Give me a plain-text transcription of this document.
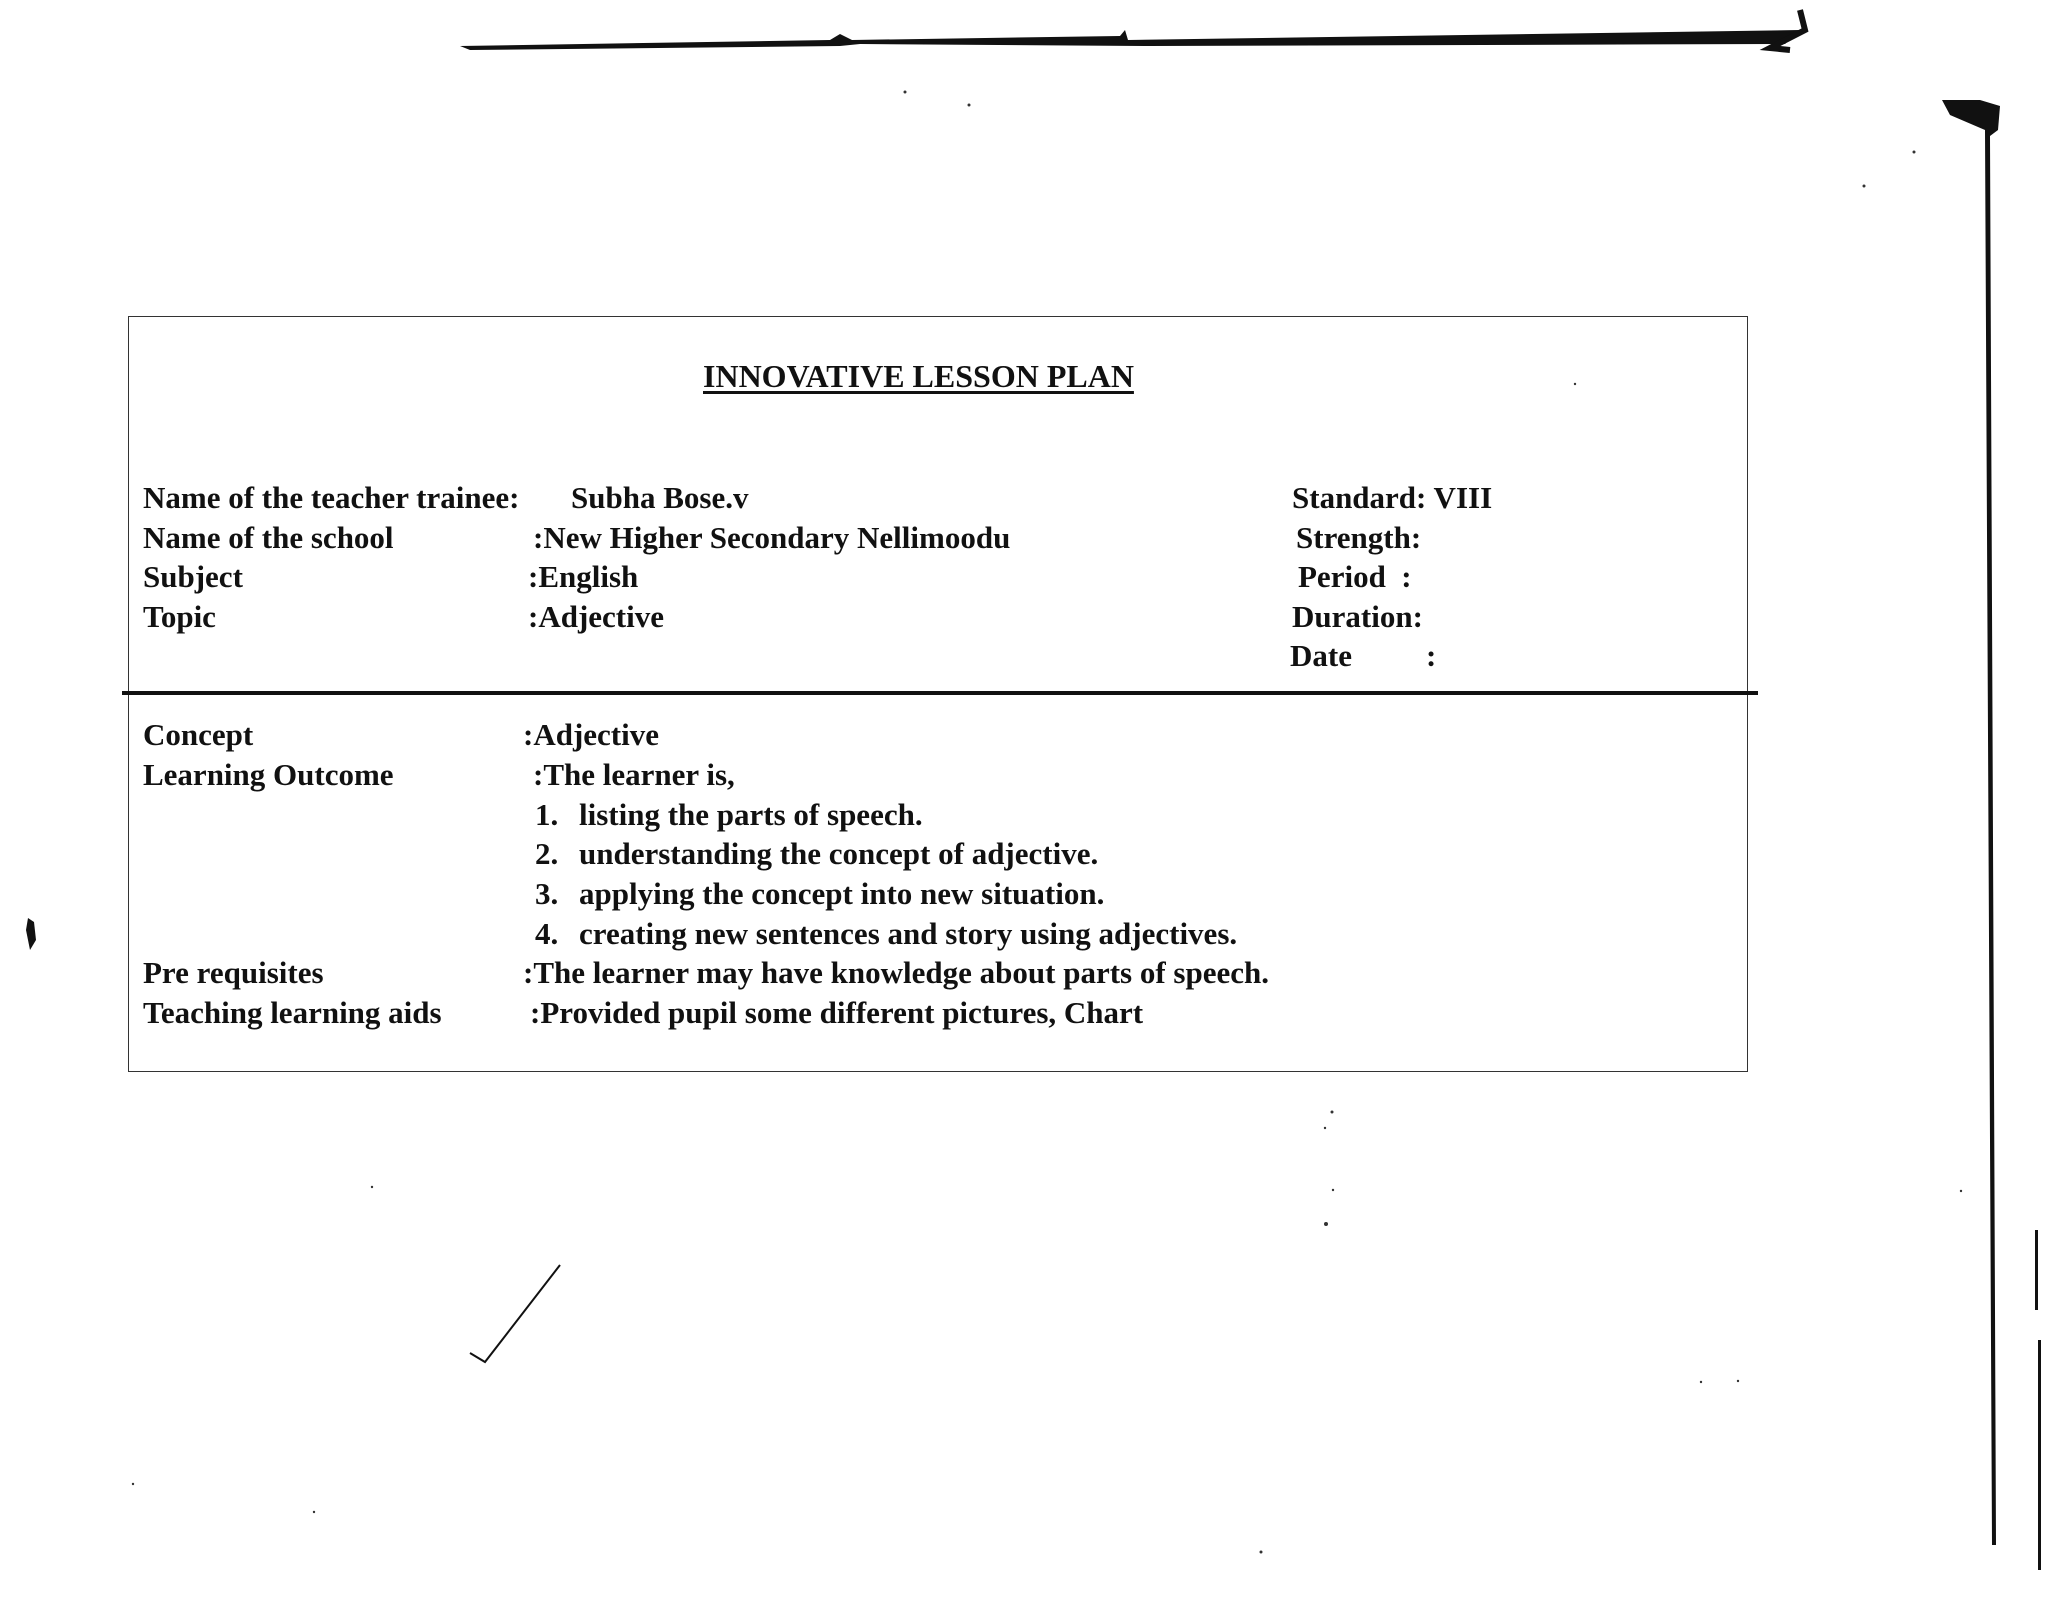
INNOVATIVE LESSON PLAN
Name of the teacher trainee: Subha Bose.v
Name of the school	:New Higher Secondary Nellimoodu
Subject	:English
Topic	:Adjective
Standard: VIII
Strength:
Period  :
Duration:
Date :
Concept	:Adjective
Learning Outcome	:The learner is,
1. listing the parts of speech.
2. understanding the concept of adjective.
3. applying the concept into new situation.
4. creating new sentences and story using adjectives.
Pre requisites	:The learner may have knowledge about parts of speech.
Teaching learning aids	:Provided pupil some different pictures, Chart
